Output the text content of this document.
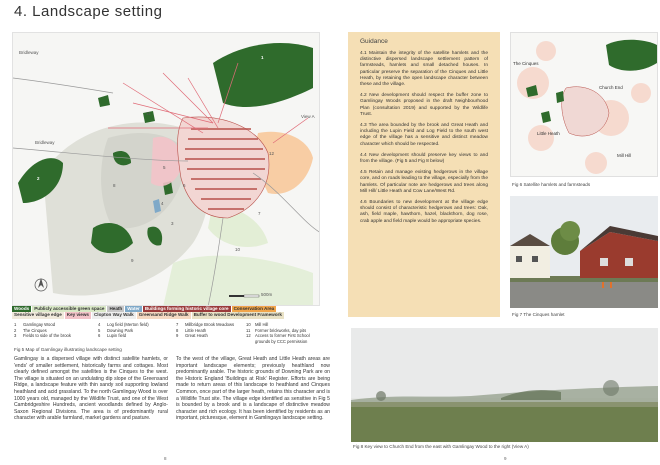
4. Landscape setting
Bridleway
Bridleway
View A
500m
1
2
3
4
5
6
7
8
9
10
11
12
Woods	Publicly accessible green space	Heath	Water	Buildings forming historic village core	Conservation Area
Sensitive village edge	Key views	Clopton Way Walk	Greensand Ridge Walk	Buffer to wood Development Framework
1	Gamlingay Wood
2	The Cinques
3	Fields to side of the brook
4	Log field (Merton field)
5	Downing Park
6	Lupin field
7	Millbridge Brook Meadows
8	Little Heath
9	Great Heath
10	Mill Hill
11	Former brickworks, day pits
12	Access to former First School
grounds by CCC permission
Fig 5 Map of Gamlingay illustrating landscape setting
Gamlingay is a dispersed village with distinct satellite hamlets, or 'ends' of smaller settlement, historically farms and cottages. Most clearly defined amongst the satellites is the Cinques to the west. The village is situated on an undulating dip slope of the Greensand Ridge, a landscape feature with thin sandy soil supporting lowland heathland and acid grassland. To the north Gamlingay Wood is over 1000 years old, managed by the Wildlife Trust, and one of the West Cambridgeshire Hundreds, ancient woodlands defined by Anglo-Saxon Regional Divisions. The area is of predominantly rural character with arable farmland, market gardens and pasture.
To the west of the village, Great Heath and Little Heath areas are important landscape elements; previously heathland now predominantly arable. The historic grounds of Downing Park are on the Historic England 'Buildings at Risk' Register. Efforts are being made to return areas of this landscape to heathland and Cinques Common, once part of the larger heath, retains this character and is a Wildlife Trust site. The village edge identified as sensitive in Fig 5 is bounded by a brook and is a landscape of distinctive meadow character and rich ecology. It has been identified by residents as an important, picturesque, element in Gamlingays landscape setting.
8	9
Guidance

4.1 Maintain the integrity of the satellite hamlets and the distinctive dispersed landscape settlement pattern of farmsteads, hamlets and small detached houses. In particular preserve the separation of the Cinques and Little Heath, by retaining the open landscape character between these and the village.

4.2 New development should respect the buffer zone to Gamlingay Woods proposed in the draft Neighbourhood Plan (consultation 2019) and supported by the Wildlife Trust.

4.3 The area bounded by the brook and Great Heath and including the Lupin Field and Log Field to the south west edge of the village has a sensitive and distinct meadow character which should be respected.

4.4 New development should preserve key views to and from the village. (Fig 5 and Fig 8 below)

4.5 Retain and manage existing hedgerows in the village core, and on roads leading to the village, especially from the hamlets. Of particular note are hedgerows and trees along Mill Hill/ Little Heath and Cow Lane/West Rd.

4.6 Boundaries to new development at the village edge should consist of characteristic hedgerows and trees: Oak, ash, field maple, hawthorn, hazel, blackthorn, dog rose, crab apple and field maple would be appropriate species.

The Cinques
Church End
Little Heath
Mill Hill
Fig 6 Satellite hamlets and farmsteads
Fig 7 The Cinques hamlet
Fig 8 Key view to Church End from the east with Gamlingay Wood to the right (View A)
